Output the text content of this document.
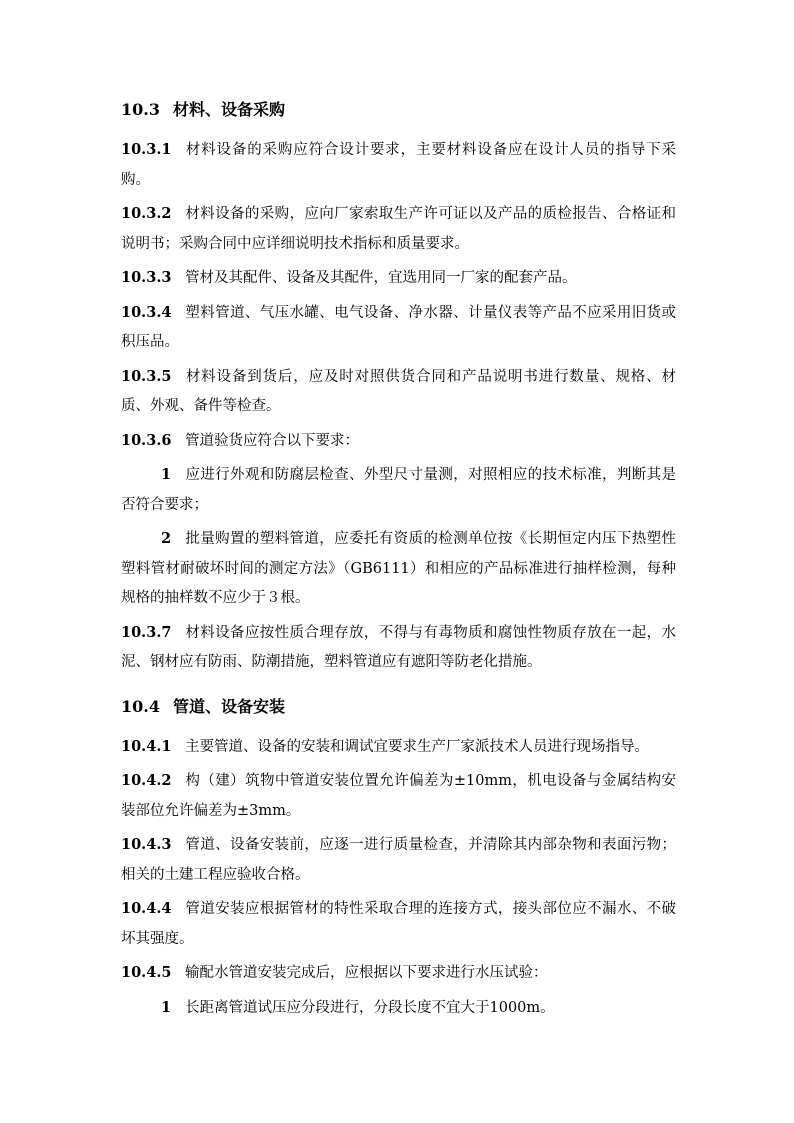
10.3 材料、设备采购

10.3.1 材料设备的采购应符合设计要求，主要材料设备应在设计人员的指导下采购。

10.3.2 材料设备的采购，应向厂家索取生产许可证以及产品的质检报告、合格证和说明书；采购合同中应详细说明技术指标和质量要求。

10.3.3 管材及其配件、设备及其配件，宜选用同一厂家的配套产品。

10.3.4 塑料管道、气压水罐、电气设备、净水器、计量仪表等产品不应采用旧货或积压品。

10.3.5 材料设备到货后，应及时对照供货合同和产品说明书进行数量、规格、材质、外观、备件等检查。

10.3.6 管道验货应符合以下要求：

1 应进行外观和防腐层检查、外型尺寸量测，对照相应的技术标准，判断其是否符合要求；

2 批量购置的塑料管道，应委托有资质的检测单位按《长期恒定内压下热塑性塑料管材耐破坏时间的测定方法》（GB6111）和相应的产品标准进行抽样检测，每种规格的抽样数不应少于３根。

10.3.7 材料设备应按性质合理存放，不得与有毒物质和腐蚀性物质存放在一起，水泥、钢材应有防雨、防潮措施，塑料管道应有遮阳等防老化措施。

10.4 管道、设备安装

10.4.1 主要管道、设备的安装和调试宜要求生产厂家派技术人员进行现场指导。

10.4.2 构（建）筑物中管道安装位置允许偏差为±10mm，机电设备与金属结构安装部位允许偏差为±3mm。

10.4.3 管道、设备安装前，应逐一进行质量检查，并清除其内部杂物和表面污物；相关的土建工程应验收合格。

10.4.4 管道安装应根据管材的特性采取合理的连接方式，接头部位应不漏水、不破坏其强度。

10.4.5 输配水管道安装完成后，应根据以下要求进行水压试验：

1 长距离管道试压应分段进行，分段长度不宜大于1000m。
